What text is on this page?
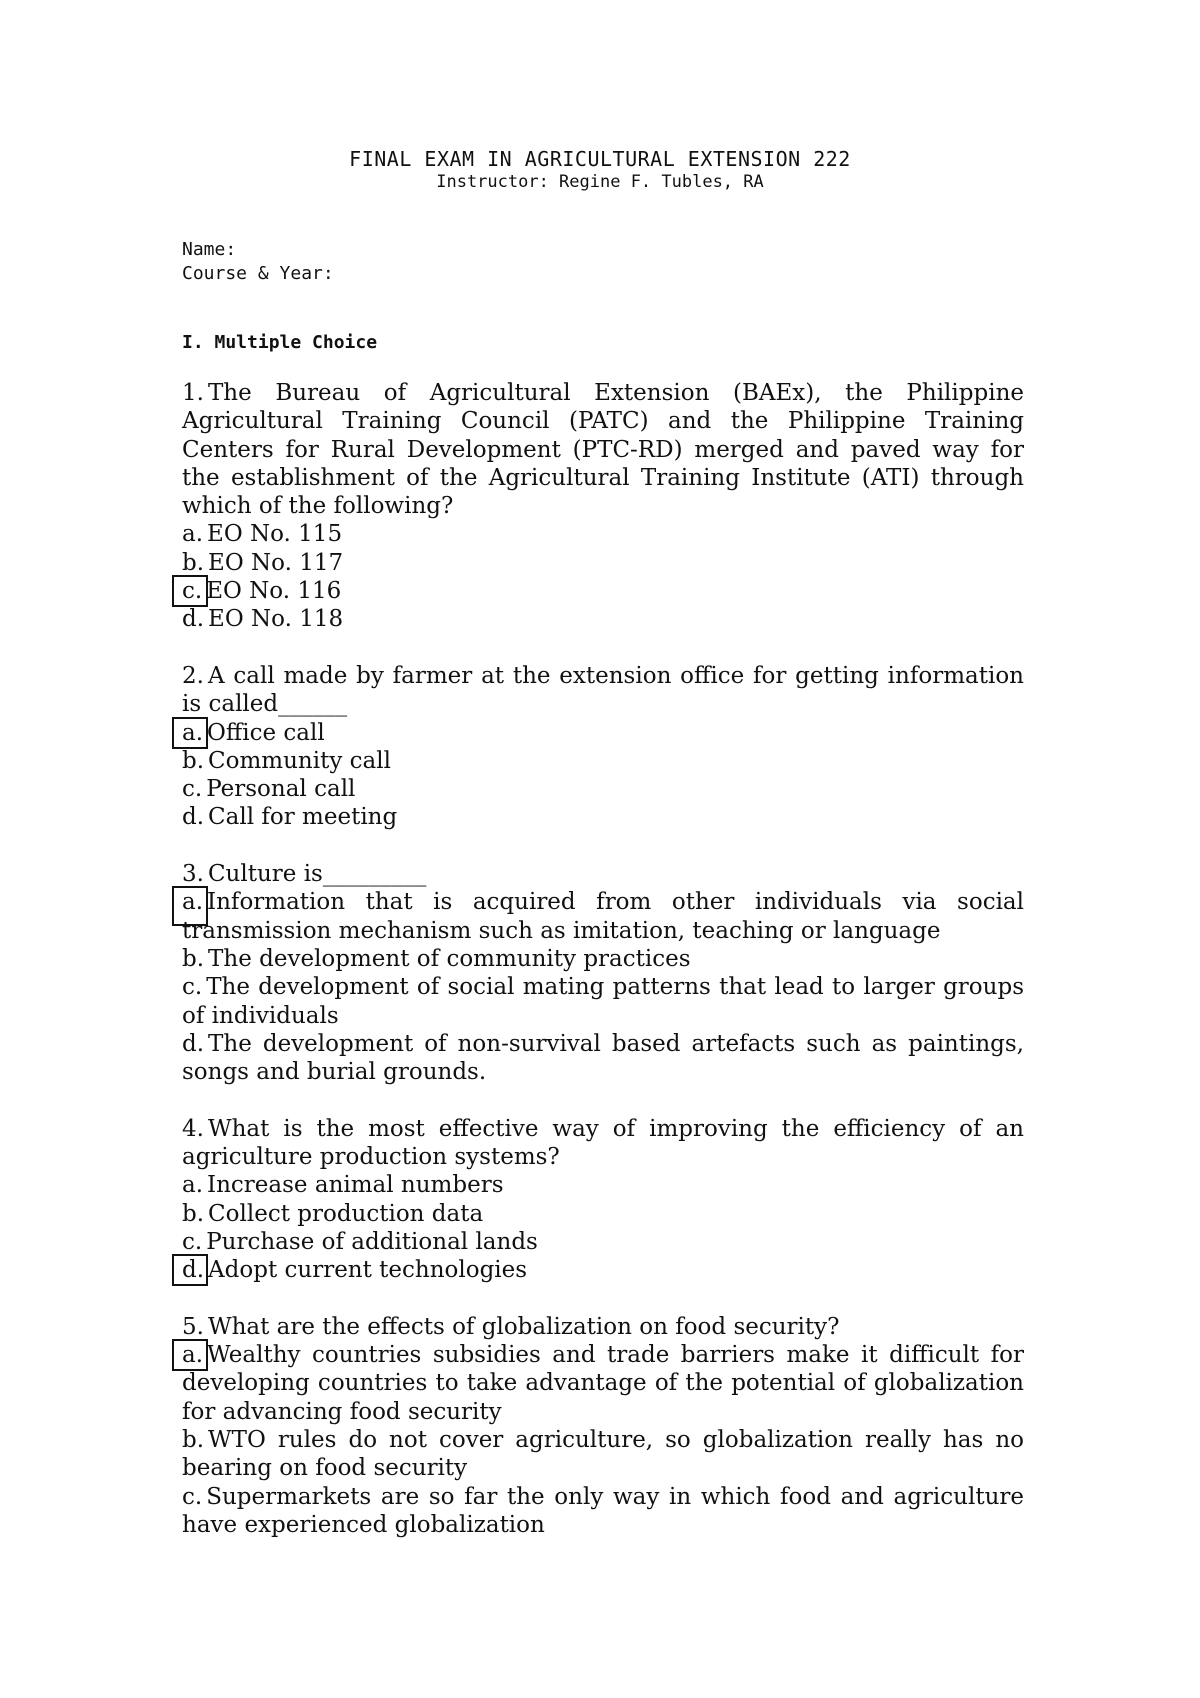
FINAL EXAM IN AGRICULTURAL EXTENSION 222
Instructor: Regine F. Tubles, RA
Name:
Course & Year:
I. Multiple Choice
1. The Bureau of Agricultural Extension (BAEx), the Philippine Agricultural Training Council (PATC) and the Philippine Training Centers for Rural Development (PTC-RD) merged and paved way for the establishment of the Agricultural Training Institute (ATI) through which of the following?
a. EO No. 115
b. EO No. 117
c. EO No. 116
d. EO No. 118
2. A call made by farmer at the extension office for getting information is called______
a. Office call
b. Community call
c. Personal call
d. Call for meeting
3. Culture is_________
a. Information that is acquired from other individuals via social transmission mechanism such as imitation, teaching or language
b. The development of community practices
c. The development of social mating patterns that lead to larger groups of individuals
d. The development of non-survival based artefacts such as paintings, songs and burial grounds.
4. What is the most effective way of improving the efficiency of an agriculture production systems?
a. Increase animal numbers
b. Collect production data
c. Purchase of additional lands
d. Adopt current technologies
5. What are the effects of globalization on food security?
a. Wealthy countries subsidies and trade barriers make it difficult for developing countries to take advantage of the potential of globalization for advancing food security
b. WTO rules do not cover agriculture, so globalization really has no bearing on food security
c. Supermarkets are so far the only way in which food and agriculture have experienced globalization
